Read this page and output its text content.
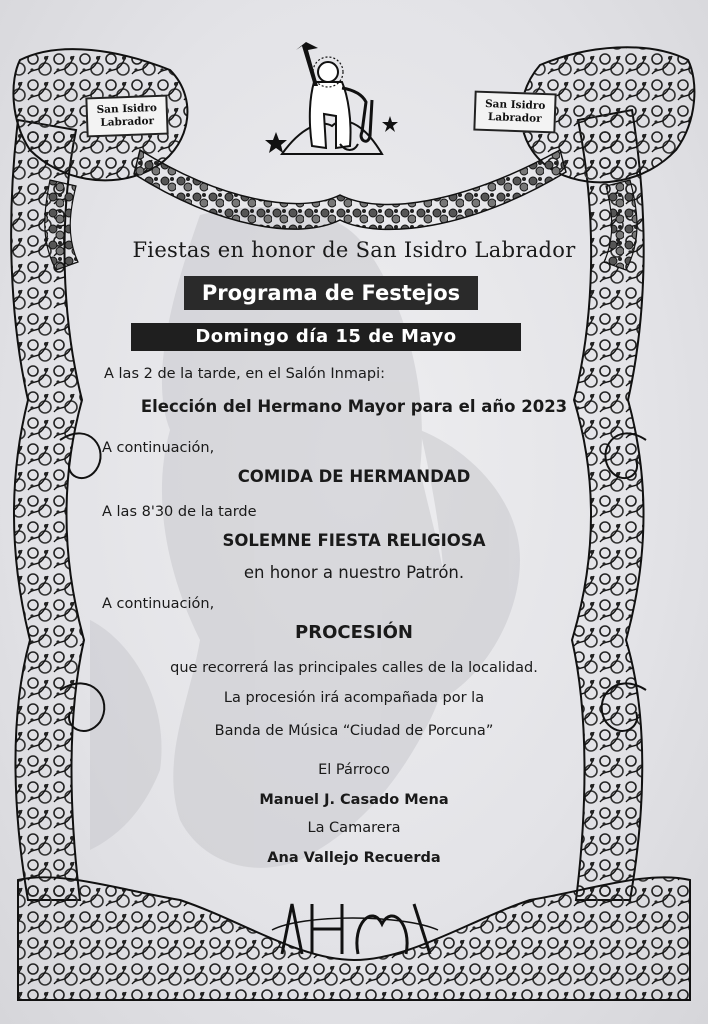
San Isidro
Labrador
San Isidro
Labrador
Fiestas en honor de San Isidro Labrador
Programa de Festejos
Domingo día 15 de Mayo
A las 2 de la tarde, en el Salón Inmapi:
Elección del Hermano Mayor para el año 2023
A continuación,
COMIDA DE HERMANDAD
A las 8'30 de la tarde
SOLEMNE FIESTA RELIGIOSA
en honor a nuestro Patrón.
A continuación,
PROCESIÓN
que recorrerá las principales calles de la localidad.
La procesión irá acompañada por la
Banda de Música “Ciudad de Porcuna”
El Párroco
Manuel J. Casado Mena
La Camarera
Ana Vallejo Recuerda
